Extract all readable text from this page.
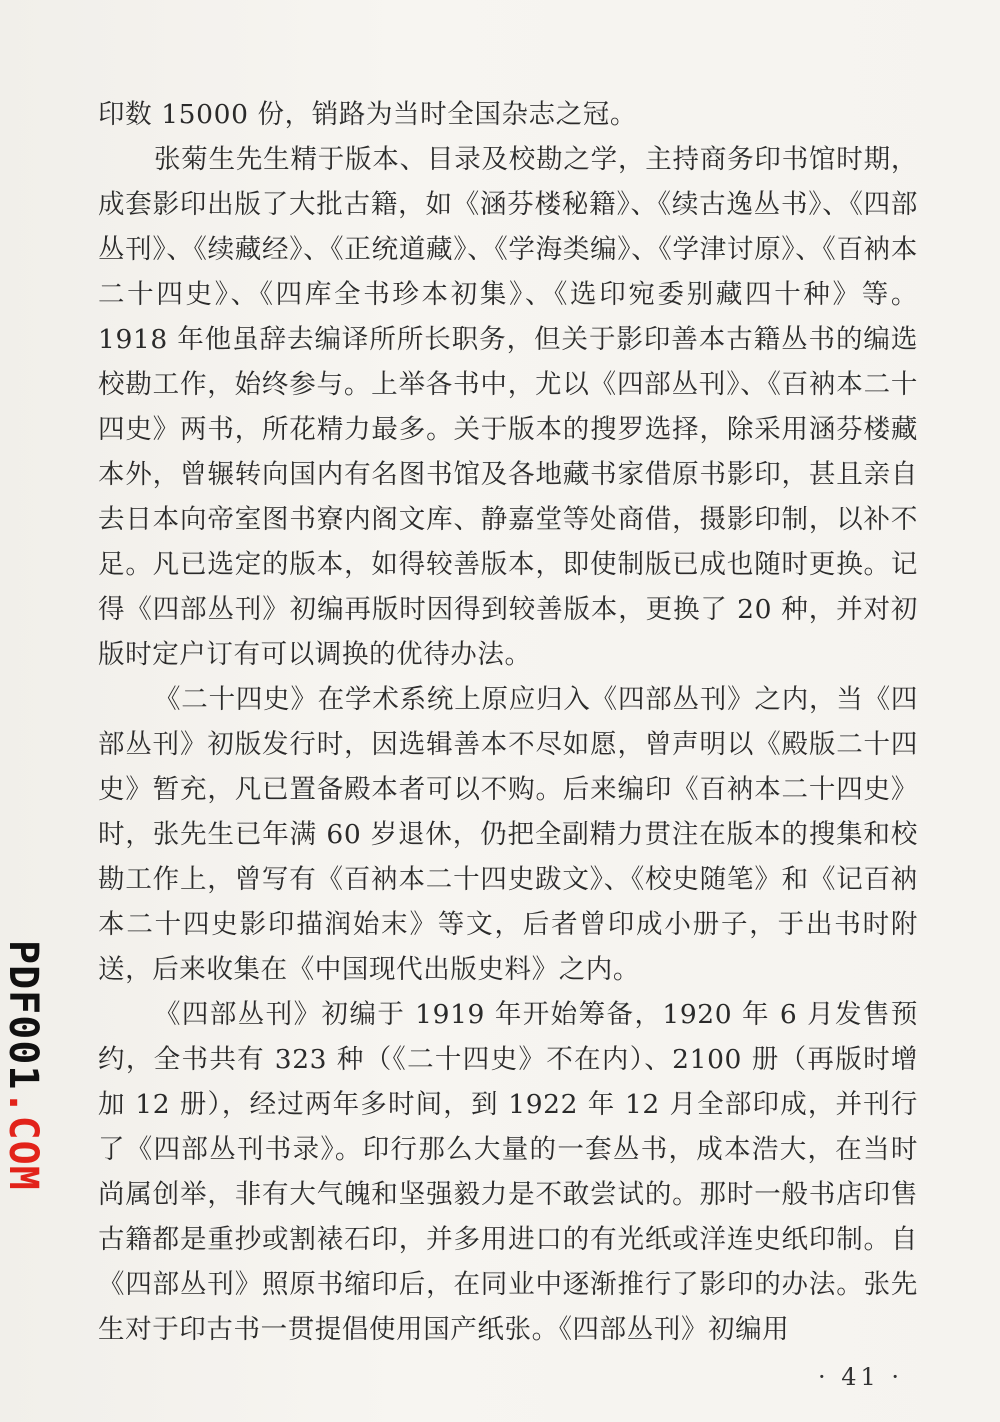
印数 15000 份，销路为当时全国杂志之冠。

张菊生先生精于版本、目录及校勘之学，主持商务印书馆时期，成套影印出版了大批古籍，如《涵芬楼秘籍》、《续古逸丛书》、《四部丛刊》、《续藏经》、《正统道藏》、《学海类编》、《学津讨原》、《百衲本二十四史》、《四库全书珍本初集》、《选印宛委别藏四十种》等。1918 年他虽辞去编译所所长职务，但关于影印善本古籍丛书的编选校勘工作，始终参与。上举各书中，尤以《四部丛刊》、《百衲本二十四史》两书，所花精力最多。关于版本的搜罗选择，除采用涵芬楼藏本外，曾辗转向国内有名图书馆及各地藏书家借原书影印，甚且亲自去日本向帝室图书寮内阁文库、静嘉堂等处商借，摄影印制，以补不足。凡已选定的版本，如得较善版本，即使制版已成也随时更换。记得《四部丛刊》初编再版时因得到较善版本，更换了 20 种，并对初版时定户订有可以调换的优待办法。

《二十四史》在学术系统上原应归入《四部丛刊》之内，当《四部丛刊》初版发行时，因选辑善本不尽如愿，曾声明以《殿版二十四史》暂充，凡已置备殿本者可以不购。后来编印《百衲本二十四史》时，张先生已年满 60 岁退休，仍把全副精力贯注在版本的搜集和校勘工作上，曾写有《百衲本二十四史跋文》、《校史随笔》和《记百衲本二十四史影印描润始末》等文，后者曾印成小册子，于出书时附送，后来收集在《中国现代出版史料》之内。

《四部丛刊》初编于 1919 年开始筹备，1920 年 6 月发售预约，全书共有 323 种（《二十四史》不在内）、2100 册（再版时增加 12 册），经过两年多时间，到 1922 年 12 月全部印成，并刊行了《四部丛刊书录》。印行那么大量的一套丛书，成本浩大，在当时尚属创举，非有大气魄和坚强毅力是不敢尝试的。那时一般书店印售古籍都是重抄或割裱石印，并多用进口的有光纸或洋连史纸印制。自《四部丛刊》照原书缩印后，在同业中逐渐推行了影印的办法。张先生对于印古书一贯提倡使用国产纸张。《四部丛刊》初编用

· 41 ·
PDF001.COM
